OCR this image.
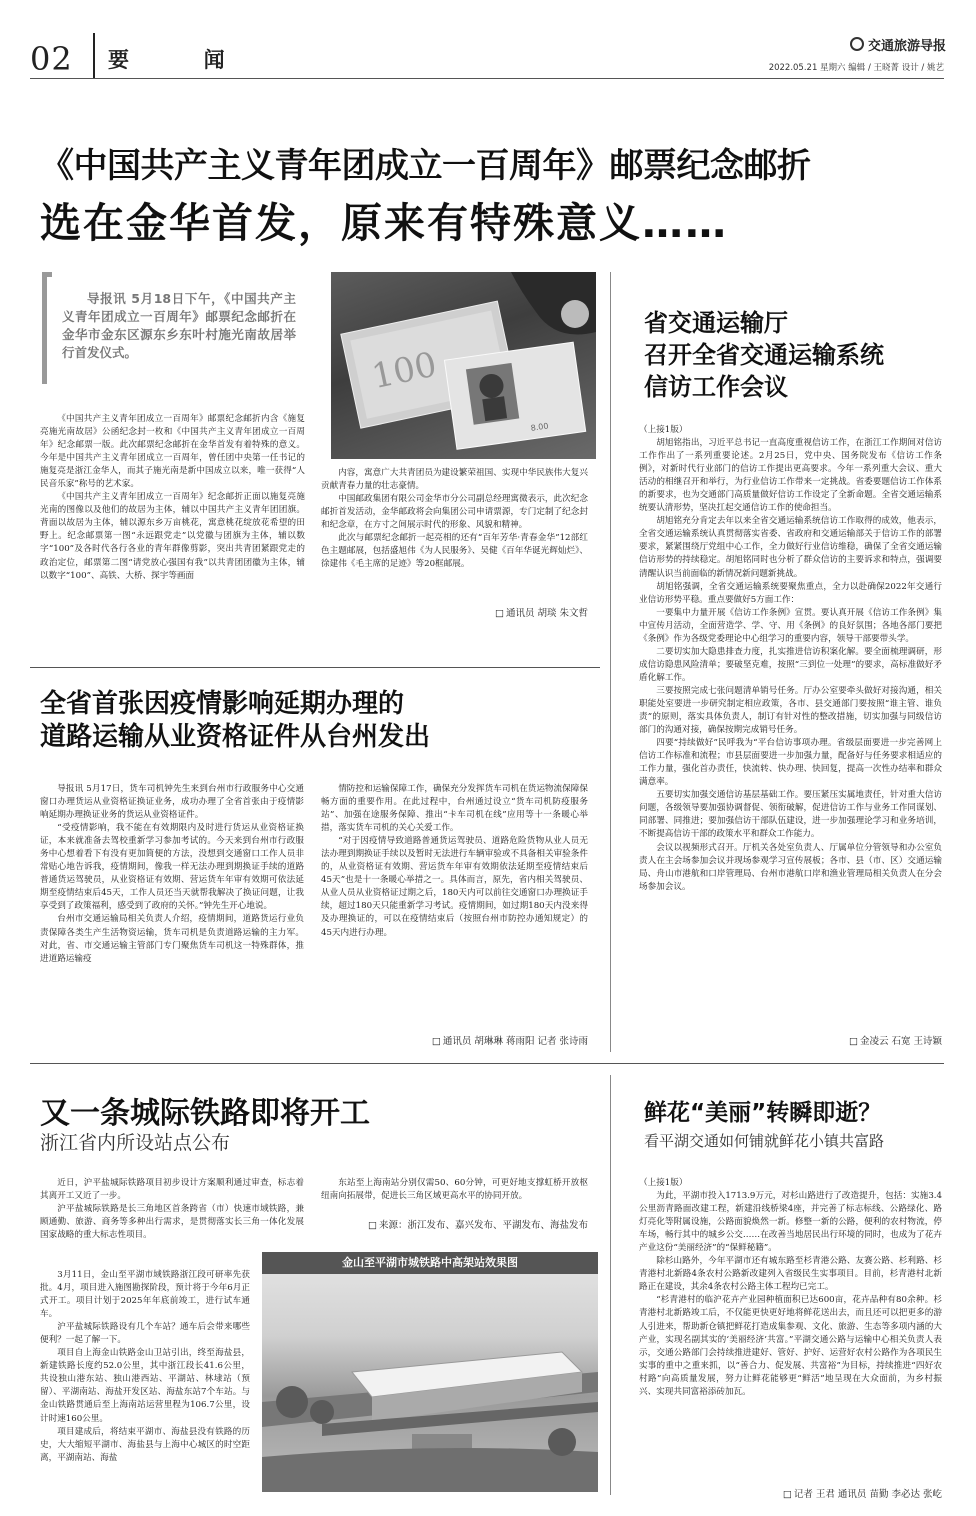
02 要  闻
交通旅游导报
2022.05.21 星期六 编辑 / 王晓菁 设计 / 姚艺
《中国共产主义青年团成立一百周年》邮票纪念邮折
选在金华首发，原来有特殊意义……
导报讯 5月18日下午，《中国共产主义青年团成立一百周年》邮票纪念邮折在金华市金东区源东乡东叶村施光南故居举行首发仪式。	100
8.00

《中国共产主义青年团成立一百周年》邮票纪念邮折内含《施复亮施光南故居》公函纪念封一枚和《中国共产主义青年团成立一百周年》纪念邮票一版。此次邮票纪念邮折在金华首发有着特殊的意义。今年是中国共产主义青年团成立一百周年，曾任团中央第一任书记的施复亮是浙江金华人，而其子施光南是新中国成立以来，唯一获得“人民音乐家”称号的艺术家。

《中国共产主义青年团成立一百周年》纪念邮折正面以施复亮施光南的图像以及他们的故居为主体，辅以中国共产主义青年团团旗。背面以故居为主体，辅以源东乡万亩桃花，寓意桃花绽放花希望的田野上。纪念邮票第一图“永远跟党走”以党徽与团旗为主体，辅以数字“100”及各时代各行各业的青年群像剪影，突出共青团紧跟党走的政治定位，邮票第二图“请党放心强国有我”以共青团团徽为主体，辅以数字“100”、高铁、大桥、探宇等画面

内容，寓意广大共青团员为建设繁荣祖国、实现中华民族伟大复兴贡献青春力量的壮志豪情。

中国邮政集团有限公司金华市分公司副总经理寓微表示，此次纪念邮折首发活动，金华邮政将会向集团公司申请票源，专门定制了纪念封和纪念章，在方寸之间展示时代的形象、风貌和精神。

此次与邮票纪念邮折一起亮相的还有“百年芳华·青春金华”12部红色主题邮展，包括盛旭伟《为人民服务》、吴健《百年华诞光辉灿烂》、徐建伟《毛主席的足迹》等20框邮展。

□ 通讯员 胡琰 朱文哲
省交通运输厅
召开全省交通运输系统
信访工作会议
（上接1版）

胡旭铭指出，习近平总书记一直高度重视信访工作，在浙江工作期间对信访工作作出了一系列重要论述。2月25日，党中央、国务院发布《信访工作条例》，对新时代行业部门的信访工作提出更高要求。今年一系列重大会议、重大活动的相继召开和举行，为行业信访工作带来一定挑战。省委要题信访工作体系的新要求，也为交通部门高质量做好信访工作设定了全新命题。全省交通运输系统要认清形势，坚决扛起交通信访工作的使命担当。

胡旭铭充分肯定去年以来全省交通运输系统信访工作取得的成效，他表示，全省交通运输系统认真贯彻落实省委、省政府和交通运输部关于信访工作的部署要求，紧紧围绕厅党组中心工作，全力做好行业信访维稳，确保了全省交通运输信访形势的持续稳定。胡旭铭同时也分析了群众信访的主要诉求和特点，强调要清醒认识当前面临的新情况新问题新挑战。

胡旭铭强调，全省交通运输系统要聚焦重点，全力以赴确保2022年交通行业信访形势平稳。重点要做好5方面工作：

一要集中力量开展《信访工作条例》宣贯。要认真开展《信访工作条例》集中宣传月活动，全面营造学、学、守、用《条例》的良好氛围；各地各部门要把《条例》作为各级党委理论中心组学习的重要内容，领导干部要带头学。

二要切实加大隐患排查力度，扎实推进信访积案化解。要全面梳理调研，形成信访隐患风险清单；要破坚克难，按照“三到位一处理”的要求，高标准做好矛盾化解工作。

三要按照完成七张问题清单销号任务。厅办公室要牵头做好对接沟通，相关职能处室要进一步研究制定相应政策，各市、县交通部门要按照“谁主管、谁负责”的原则，落实具体负责人，制订有针对性的整改措施，切实加强与同级信访部门的沟通对接，确保按期完成销号任务。

四要“持续做好”民呼我为“平台信访事项办理。省级层面要进一步完善网上信访工作标准和流程；市县层面要进一步加强力量，配备好与任务要求相适应的工作力量，强化首办责任，快流转、快办理、快回复，提高一次性办结率和群众满意率。

五要切实加强交通信访基层基础工作。要压紧压实属地责任，针对重大信访问题，各级领导要加强协调督促、领衔破解，促进信访工作与业务工作同谋划、同部署、同推进；要加强信访干部队伍建设，进一步加强理论学习和业务培训，不断提高信访干部的政策水平和群众工作能力。

会议以视频形式召开。厅机关各处室负责人、厅属单位分管领导和办公室负责人在主会场参加会议并现场参观学习宣传展板；各市、县（市、区）交通运输局、舟山市港航和口岸管理局、台州市港航口岸和渔业管理局相关负责人在分会场参加会议。

□ 金凌云 石宽 王诗颖
全省首张因疫情影响延期办理的
道路运输从业资格证件从台州发出

导报讯 5月17日，货车司机钟先生来到台州市行政服务中心交通窗口办理货运从业资格证换证业务，成功办理了全省首张由于疫情影响延期办理换证业务的货运从业资格证件。

“受疫情影响，我不能在有效期限内及时进行货运从业资格证换证，本来就准备去驾校重新学习参加考试的。今天来到台州市行政服务中心想着看下有没有更加简便的方法，没想到交通窗口工作人员非常贴心地告诉我，疫情期间，像我一样无法办理到期换证手续的道路普通货运驾驶员，从业资格证有效期、营运货车年审有效期可依法延期至疫情结束后45天，工作人员还当天就帮我解决了换证问题，让我享受到了政策福利，感受到了政府的关怀。”钟先生开心地说。

台州市交通运输局相关负责人介绍，疫情期间，道路货运行业负责保障各类生产生活物资运输，货车司机是负责道路运输的主力军。对此，省、市交通运输主管部门专门聚焦货车司机这一特殊群体，推进道路运输疫

情防控和运输保障工作，确保充分发挥货车司机在货运物流保障保畅方面的重要作用。在此过程中，台州通过设立“货车司机防疫服务站”、加强在途服务保障、推出“卡车司机在线”应用等十一条暖心举措，落实货车司机的关心关爱工作。

“对于因疫情导致道路普通货运驾驶员、道路危险货物从业人员无法办理到期换证手续以及暂时无法进行车辆审验或不具备相关审验条件的，从业资格证有效期、营运货车年审有效期依法延期至疫情结束后45天”也是十一条暖心举措之一。具体而言，原先，省内相关驾驶员、从业人员从业资格证过期之后，180天内可以前往交通窗口办理换证手续，超过180天只能重新学习考试。疫情期间，如过期180天内没来得及办理换证的，可以在疫情结束后（按照台州市防控办通知规定）的45天内进行办理。

□ 通讯员 胡琳琳 蒋雨阳 记者 张诗雨
又一条城际铁路即将开工
浙江省内所设站点公布

近日，沪平盐城际铁路项目初步设计方案顺利通过审查，标志着其离开工又近了一步。

沪平盐城际铁路是长三角地区首条跨省（市）快速市域铁路，兼顾通勤、旅游、商务等多种出行需求，是贯彻落实长三角一体化发展国家战略的重大标志性项目。

3月11日，金山至平湖市域铁路浙江段可研率先获批。4月，项目进入施图勘探阶段，预计将于今年6月正式开工。项目计划于2025年年底前竣工，进行试车通车。

沪平盐城际铁路设有几个车站？通车后会带来哪些便利？一起了解一下。

项目自上海金山铁路金山卫站引出，终至海盐县，新建铁路长度约52.0公里，其中浙江段长41.6公里，共设独山港东站、独山港西站、平湖站、林埭站（预留）、平湖南站、海盐开发区站、海盐东站7个车站。与金山铁路贯通后至上海南站运营里程为106.7公里，设计时速160公里。

项目建成后，将结束平湖市、海盐县没有铁路的历史，大大缩短平湖市、海盐县与上海中心城区的时空距离，平湖南站、海盐

东站至上海南站分别仅需50、60分钟，可更好地支撑虹桥开放枢纽南向拓展带，促进长三角区域更高水平的协同开放。

□ 来源：浙江发布、嘉兴发布、平湖发布、海盐发布
金山至平湖市城铁路中高架站效果图
鲜花“美丽”转瞬即逝？
看平湖交通如何铺就鲜花小镇共富路
（上接1版）

为此，平湖市投入1713.9万元，对杉山路进行了改造提升，包括：实施3.4公里沥青路面改建工程，新建沿线桥梁4座，并完善了标志标线、公路绿化、路灯亮化等附属设施，公路面貌焕然一新。修整一新的公路，便利的农村物流，停车场，畅行其中的城乡公交……在改善当地居民出行环境的同时，也成为了花卉产业这份“美丽经济”的“保鲜秘籍”。

除杉山路外，今年平湖市还有城东路至杉青港公路、友赛公路、杉利路、杉青港村北新路4条农村公路新改建列入省级民生实事项目。目前，杉青港村北新路正在建设，其余4条农村公路主体工程均已完工。

“杉青港村的临沪花卉产业园种植面积已达600亩，花卉品种有80余种。杉青港村北新路竣工后，不仅能更快更好地将鲜花送出去，而且还可以把更多的游人引进来，帮助新仓镇把鲜花打造成集参观、文化、旅游、生态等多项内涵的大产业，实现名副其实的‘美丽经济’共富。”平湖交通公路与运输中心相关负责人表示，交通公路部门会持续推进建好、管好、护好、运营好农村公路作为各项民生实事的重中之重来抓，以“善合力、促发展、共富裕”为目标，持续推进“四好农村路”向高质量发展，努力让鲜花能够更“鲜活”地呈现在大众面前，为乡村振兴、实现共同富裕添砖加瓦。

□ 记者 王君 通讯员 苗勤 李必达 张屹
